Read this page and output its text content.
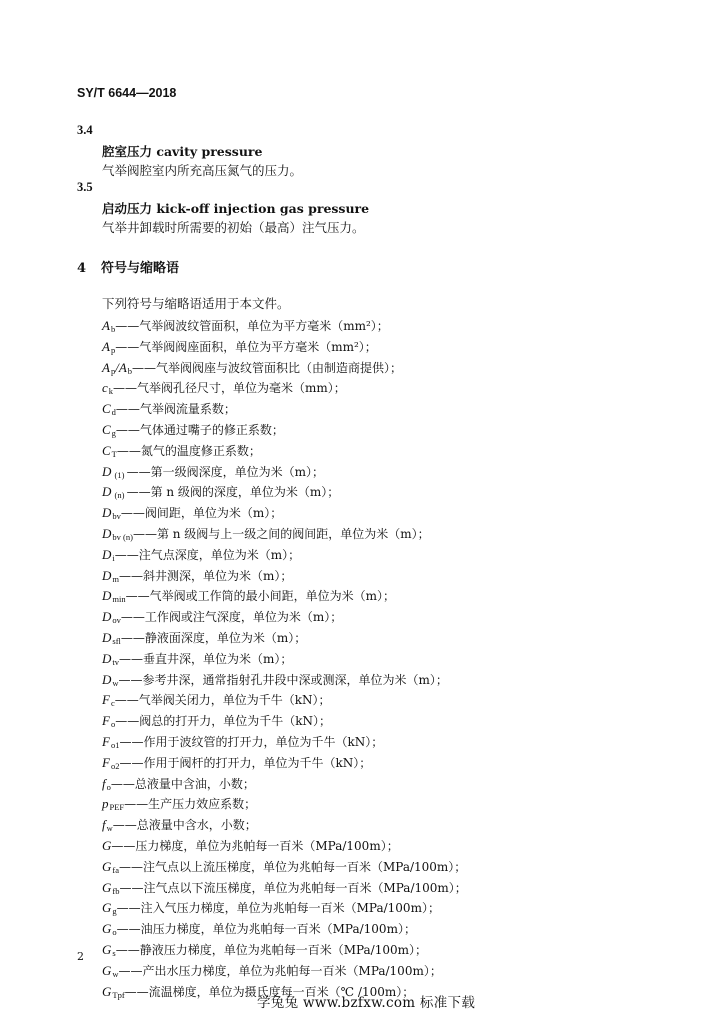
SY/T 6644—2018
3.4
腔室压力 cavity pressure
气举阀腔室内所充高压氮气的压力。
3.5
启动压力 kick-off injection gas pressure
气举井卸载时所需要的初始（最高）注气压力。
4 符号与缩略语
下列符号与缩略语适用于本文件。
$A_b——$气举阀波纹管面积，单位为平方毫米（mm²）；
$A_p——$气举阀阀座面积，单位为平方毫米（mm²）；
$A_p/A_b——$气举阀阀座与波纹管面积比（由制造商提供）；
$c_k——$气举阀孔径尺寸，单位为毫米（mm）；
$C_d——$气举阀流量系数；
$C_g——$气体通过嘴子的修正系数；
$C_T——$氮气的温度修正系数；
D $_{(1)}$ ——第一级阀深度，单位为米（m）；
D $_{(n)}$ ——第 n 级阀的深度，单位为米（m）；
$D_{bv}——$阀间距，单位为米（m）；
$D_{bv (n)}——$第 n 级阀与上一级之间的阀间距，单位为米（m）；
$D_i——$注气点深度，单位为米（m）；
$D_m——$斜井测深，单位为米（m）；
$D_{min}——$气举阀或工作筒的最小间距，单位为米（m）；
$D_{ov}——$工作阀或注气深度，单位为米（m）；
$D_{sfl}——$静液面深度，单位为米（m）；
$D_{tv}——$垂直井深，单位为米（m）；
$D_w——$参考井深，通常指射孔井段中深或测深，单位为米（m）；
$F_c——$气举阀关闭力，单位为千牛（kN）；
$F_o——$阀总的打开力，单位为千牛（kN）；
$F_{o1}——$作用于波纹管的打开力，单位为千牛（kN）；
$F_{o2}——$作用于阀杆的打开力，单位为千牛（kN）；
$f_o——$总液量中含油，小数；
$p_{PEF}——$生产压力效应系数；
$f_w——$总液量中含水，小数；
G——压力梯度，单位为兆帕每一百米（MPa/100m）；
$G_{fa}——$注气点以上流压梯度，单位为兆帕每一百米（MPa/100m）；
$G_{fb}——$注气点以下流压梯度，单位为兆帕每一百米（MPa/100m）；
$G_g——$注入气压力梯度，单位为兆帕每一百米（MPa/100m）；
$G_o——$油压力梯度，单位为兆帕每一百米（MPa/100m）；
$G_s——$静液压力梯度，单位为兆帕每一百米（MPa/100m）；
$G_w——$产出水压力梯度，单位为兆帕每一百米（MPa/100m）；
$G_{Tpf}——$流温梯度，单位为摄氏度每一百米（℃ /100m）；
2
学兔兔 www.bzfxw.com 标准下载
